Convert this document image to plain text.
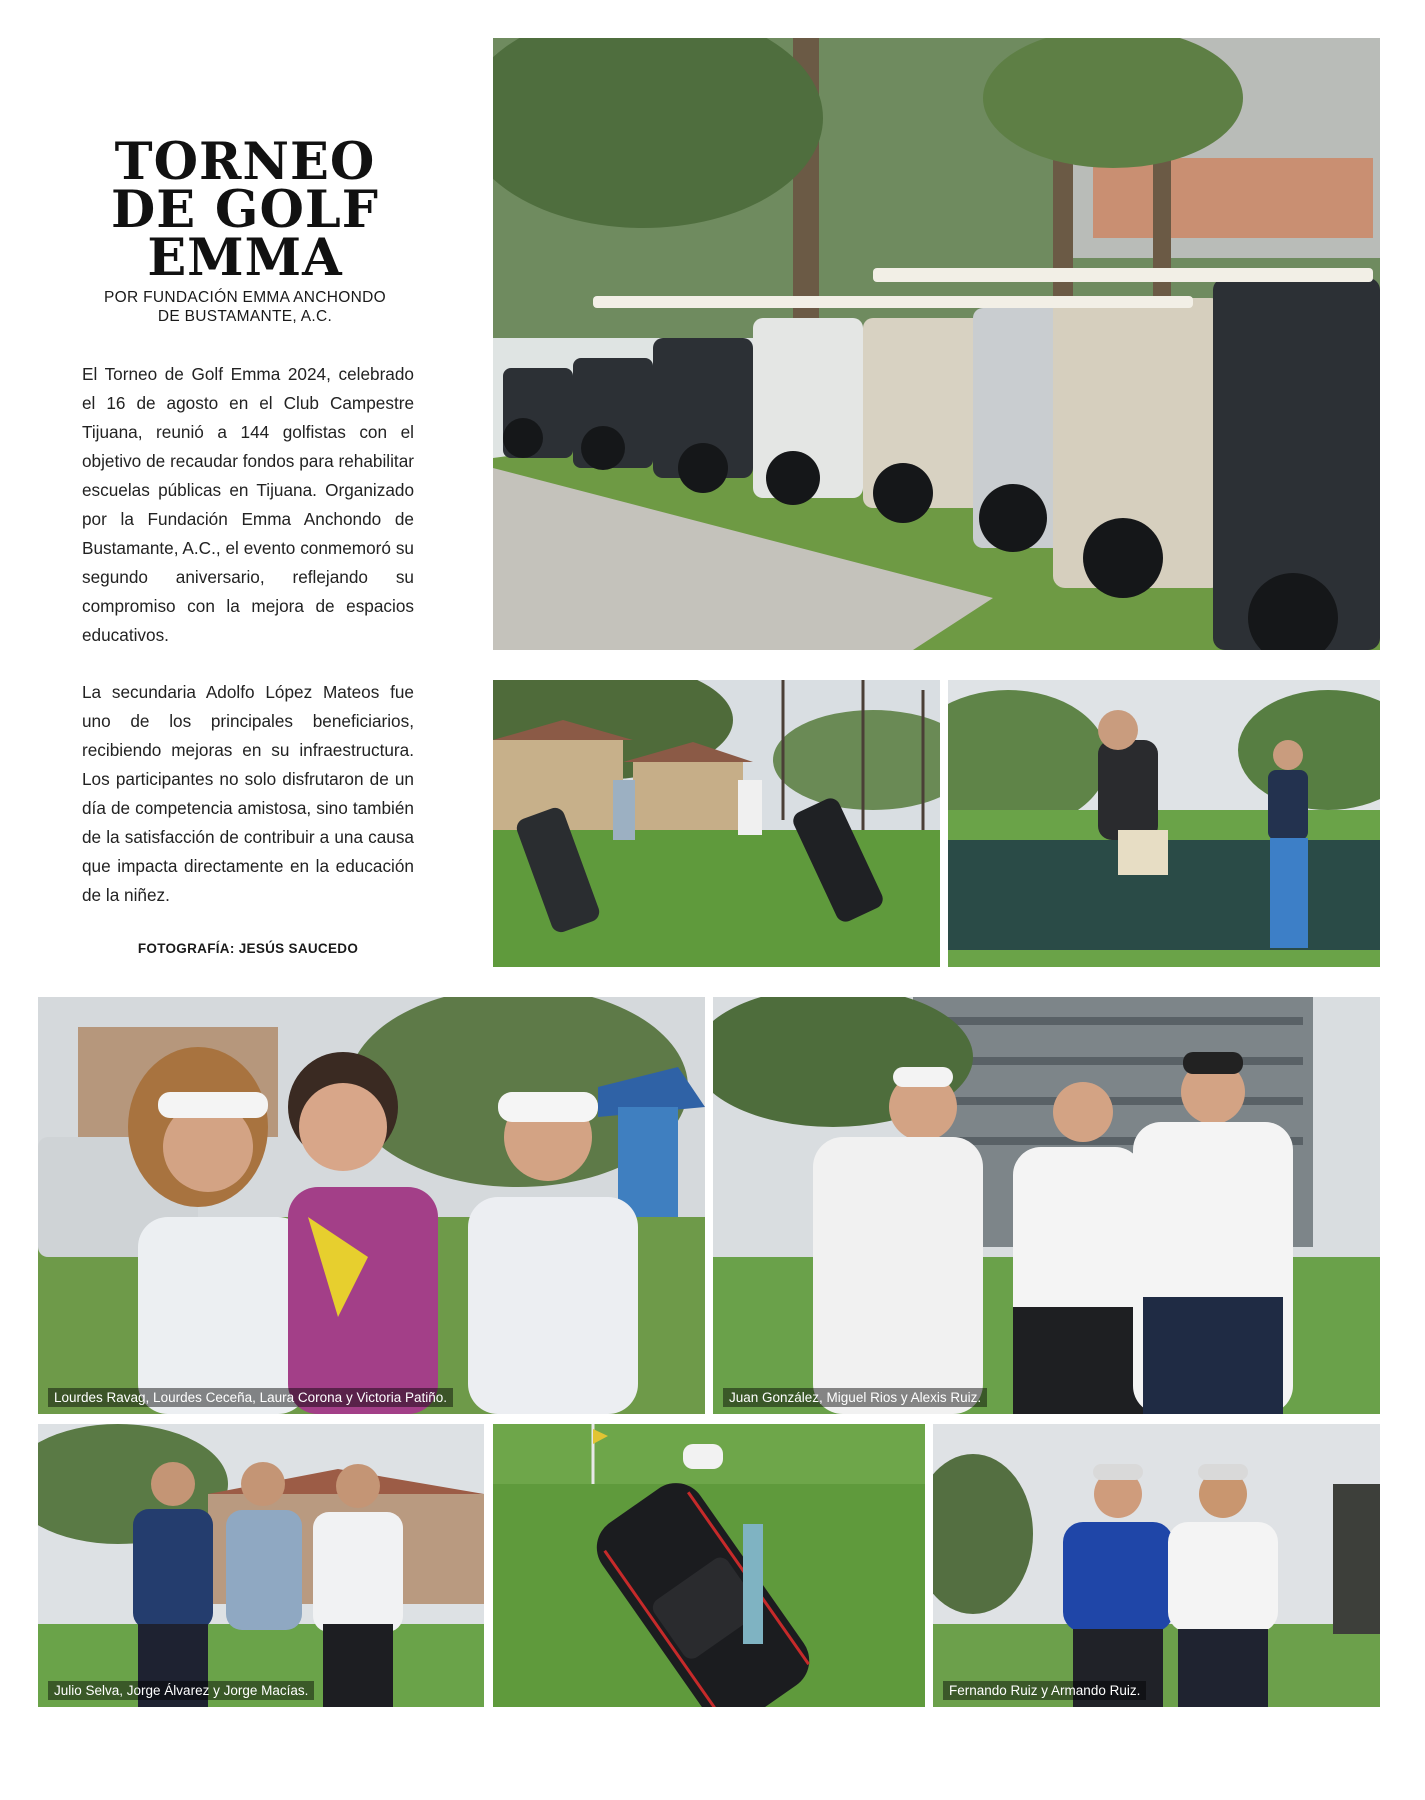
TORNEO
DE GOLF
EMMA
POR FUNDACIÓN EMMA ANCHONDO
DE BUSTAMANTE, A.C.

El Torneo de Golf Emma 2024, celebrado el 16 de agosto en el Club Campestre Tijuana, reunió a 144 golfistas con el objetivo de recaudar fondos para rehabilitar escuelas públicas en Tijuana. Organizado por la Fundación Emma Anchondo de Bustamante, A.C., el evento conmemoró su segundo aniversario, reflejando su compromiso con la mejora de espacios educativos.

La secundaria Adolfo López Mateos fue uno de los principales beneficiarios, recibiendo mejoras en su infraestructura. Los participantes no solo disfrutaron de un día de competencia amistosa, sino también de la satisfacción de contribuir a una causa que impacta directamente en la educación de la niñez.

FOTOGRAFÍA: JESÚS SAUCEDO
Lourdes Ravag, Lourdes Ceceña, Laura Corona y Victoria Patiño.	Juan González, Miguel Rios y Alexis Ruiz.
Julio Selva, Jorge Álvarez y Jorge Macías.	Fernando Ruiz y Armando Ruiz.
